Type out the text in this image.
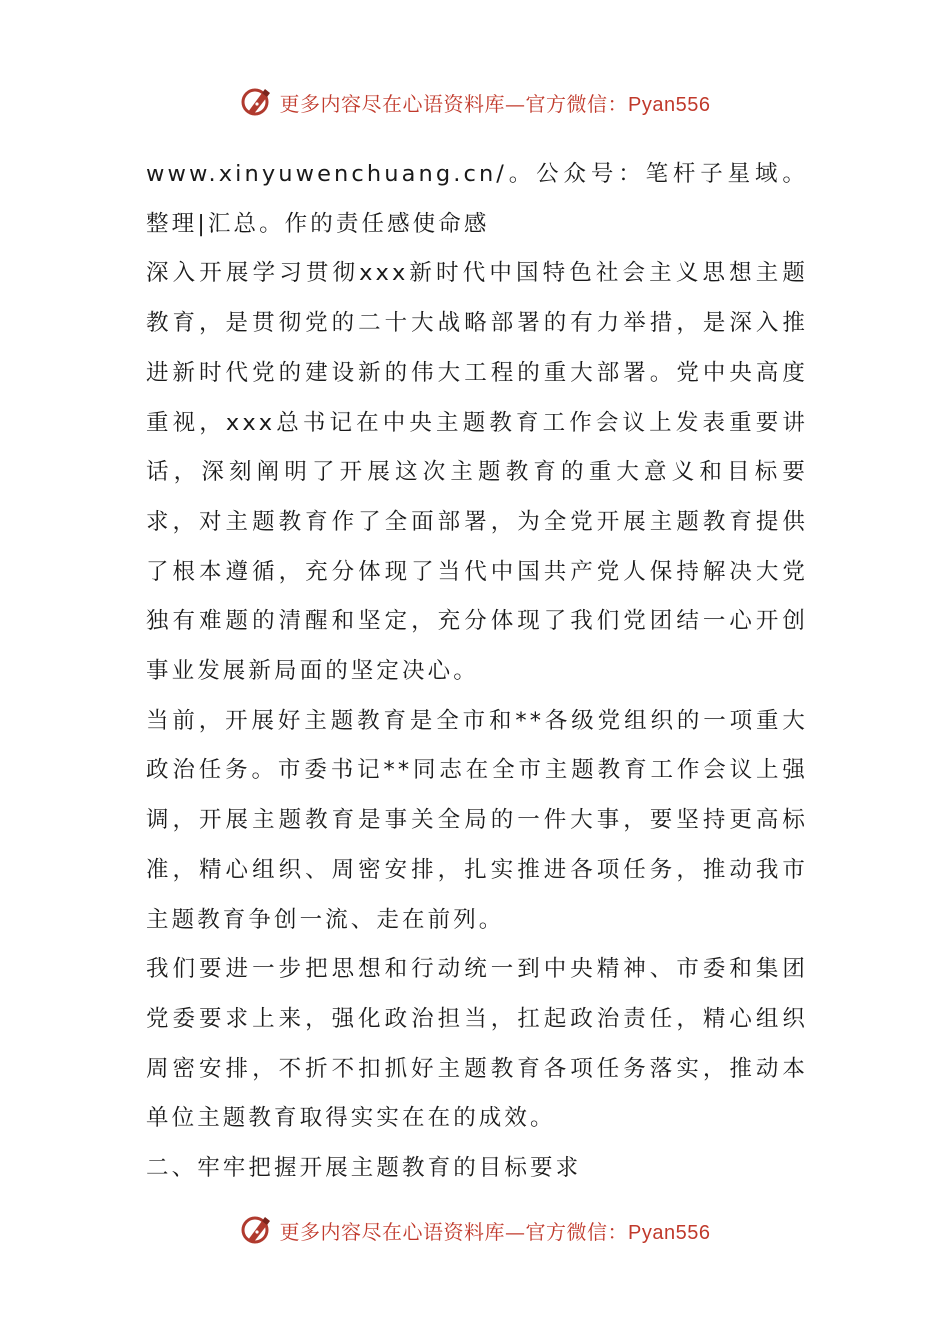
更多内容尽在心语资料库—官方微信：Pyan556

www.xinyuwenchuang.cn/。公众号：笔杆子星域。整理|汇总。作的责任感使命感

深入开展学习贯彻xxx新时代中国特色社会主义思想主题教育，是贯彻党的二十大战略部署的有力举措，是深入推进新时代党的建设新的伟大工程的重大部署。党中央高度重视，xxx总书记在中央主题教育工作会议上发表重要讲话，深刻阐明了开展这次主题教育的重大意义和目标要求，对主题教育作了全面部署，为全党开展主题教育提供了根本遵循，充分体现了当代中国共产党人保持解决大党独有难题的清醒和坚定，充分体现了我们党团结一心开创事业发展新局面的坚定决心。

当前，开展好主题教育是全市和**各级党组织的一项重大政治任务。市委书记**同志在全市主题教育工作会议上强调，开展主题教育是事关全局的一件大事，要坚持更高标准，精心组织、周密安排，扎实推进各项任务，推动我市主题教育争创一流、走在前列。

我们要进一步把思想和行动统一到中央精神、市委和集团党委要求上来，强化政治担当，扛起政治责任，精心组织周密安排，不折不扣抓好主题教育各项任务落实，推动本单位主题教育取得实实在在的成效。

二、牢牢把握开展主题教育的目标要求

更多内容尽在心语资料库—官方微信：Pyan556
